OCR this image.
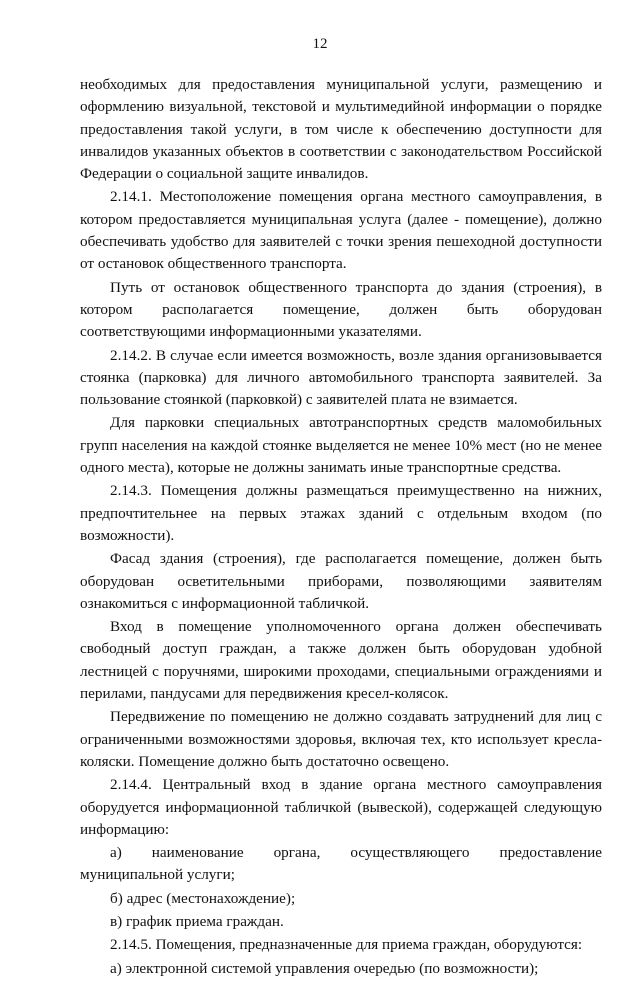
12

необходимых для предоставления муниципальной услуги, размещению и оформлению визуальной, текстовой и мультимедийной информации о порядке предоставления такой услуги, в том числе к обеспечению доступности для инвалидов указанных объектов в соответствии с законодательством Российской Федерации о социальной защите инвалидов.

2.14.1. Местоположение помещения органа местного самоуправления, в котором предоставляется муниципальная услуга (далее - помещение), должно обеспечивать удобство для заявителей с точки зрения пешеходной доступности от остановок общественного транспорта.

Путь от остановок общественного транспорта до здания (строения), в котором располагается помещение, должен быть оборудован соответствующими информационными указателями.

2.14.2. В случае если имеется возможность, возле здания организовывается стоянка (парковка) для личного автомобильного транспорта заявителей. За пользование стоянкой (парковкой) с заявителей плата не взимается.

Для парковки специальных автотранспортных средств маломобильных групп населения на каждой стоянке выделяется не менее 10% мест (но не менее одного места), которые не должны занимать иные транспортные средства.

2.14.3. Помещения должны размещаться преимущественно на нижних, предпочтительнее на первых этажах зданий с отдельным входом (по возможности).

Фасад здания (строения), где располагается помещение, должен быть оборудован осветительными приборами, позволяющими заявителям ознакомиться с информационной табличкой.

Вход в помещение уполномоченного органа должен обеспечивать свободный доступ граждан, а также должен быть оборудован удобной лестницей с поручнями, широкими проходами, специальными ограждениями и перилами, пандусами для передвижения кресел-колясок.

Передвижение по помещению не должно создавать затруднений для лиц с ограниченными возможностями здоровья, включая тех, кто использует кресла-коляски. Помещение должно быть достаточно освещено.

2.14.4. Центральный вход в здание органа местного самоуправления оборудуется информационной табличкой (вывеской), содержащей следующую информацию:

а) наименование органа, осуществляющего предоставление муниципальной услуги;

б) адрес (местонахождение);

в) график приема граждан.

2.14.5. Помещения, предназначенные для приема граждан, оборудуются:

а) электронной системой управления очередью (по возможности);
